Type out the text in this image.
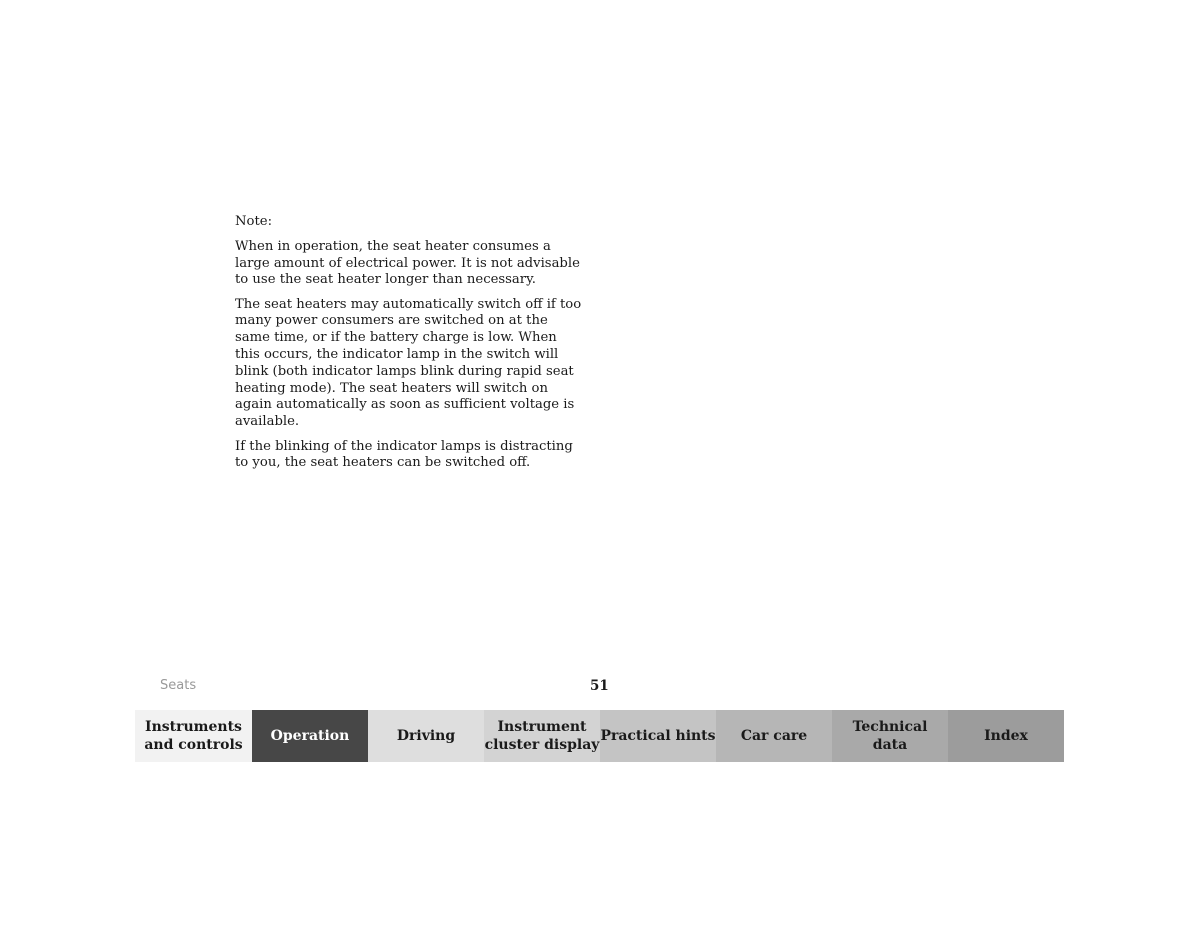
Note:

When in operation, the seat heater consumes a large amount of electrical power. It is not advisable to use the seat heater longer than necessary.

The seat heaters may automatically switch off if too many power consumers are switched on at the same time, or if the battery charge is low. When this occurs, the indicator lamp in the switch will blink (both indicator lamps blink during rapid seat heating mode). The seat heaters will switch on again automatically as soon as sufficient voltage is available.

If the blinking of the indicator lamps is distracting to you, the seat heaters can be switched off.

Seats	51
Instruments
and controls
Operation	Driving
Instrument
cluster display
Practical hints Car care
Technical
data
Index
